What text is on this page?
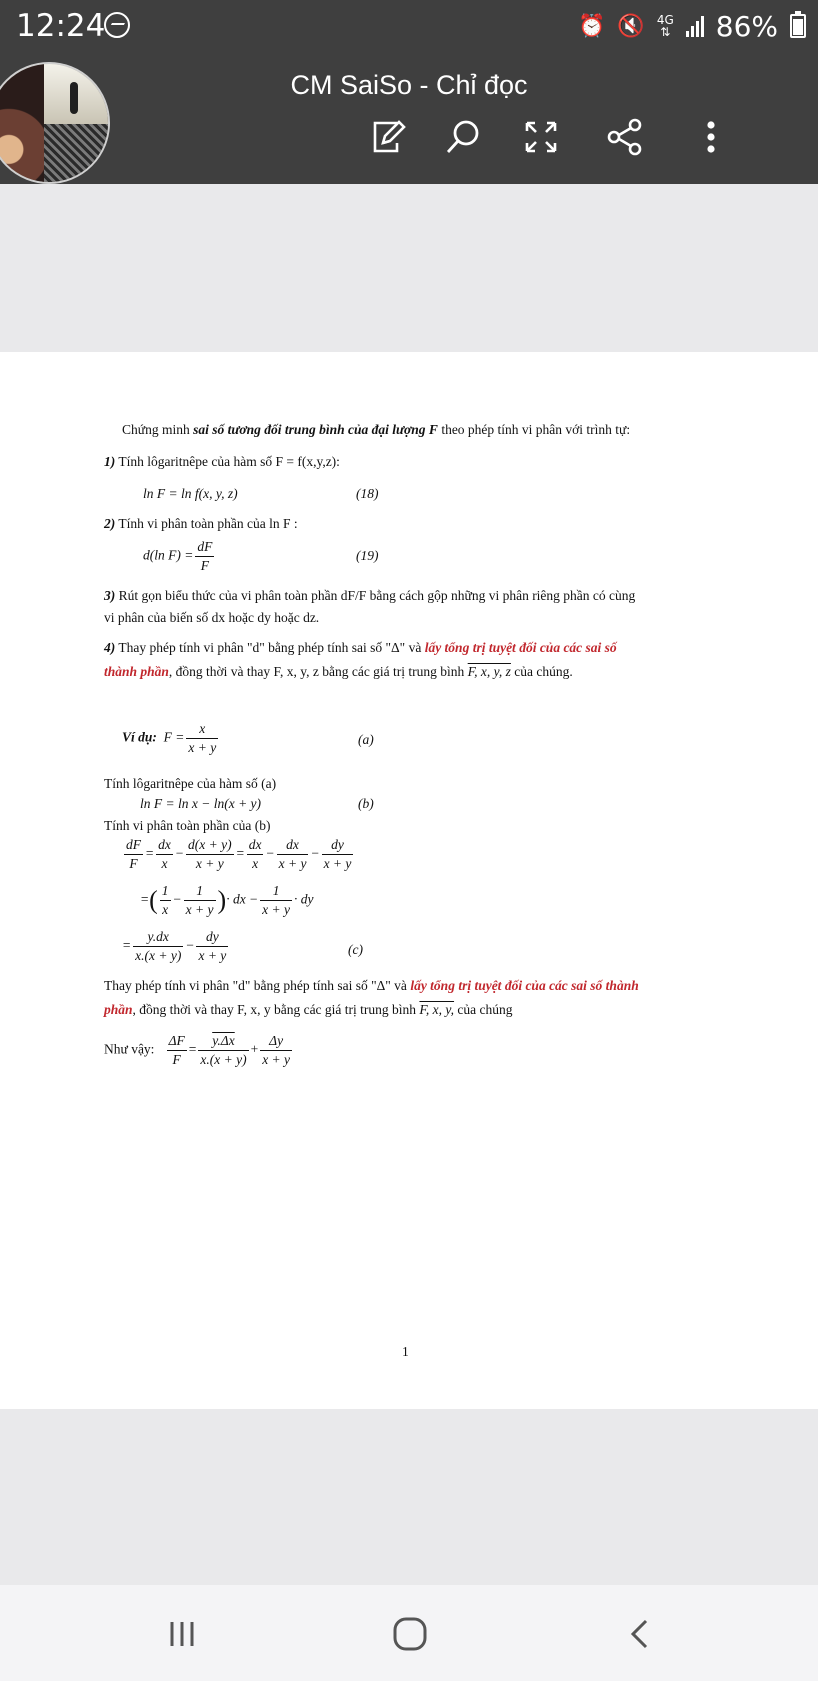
12:24	⏰ 🔇 4G
⇅ 86%
CM SaiSo - Chỉ đọc
Chứng minh sai số tương đối trung bình của đại lượng F theo phép tính vi phân với trình tự:
1) Tính lôgaritnêpe của hàm số F = f(x,y,z):
ln F = ln f(x, y, z)	(18)
2) Tính vi phân toàn phần của ln F :
d(ln $F) = \frac{dF}{F}$	(19)
3) Rút gọn biểu thức của vi phân toàn phần dF/F bằng cách gộp những vi phân riêng phần có cùng
vi phân của biến số dx hoặc dy hoặc dz.
4) Thay phép tính vi phân "d" bằng phép tính sai số "Δ" và lấy tổng trị tuyệt đối của các sai số
thành phần, đồng thời và thay F, x, y, z bằng các giá trị trung bình F, x, y, z của chúng.
Ví dụ: $F = \frac{x}{x + y}$	(a)
Tính lôgaritnêpe của hàm số (a)
ln F = ln x − ln(x + y)	(b)
Tính vi phân toàn phần của (b)
$\frac{dF}{F} = \frac{dx}{x} - \frac{d(x + y)}{x + y} = \frac{dx}{x} - \frac{dx}{x + y} - \frac{dy}{x + y}$
=( $\frac{1}{x} - \frac{1}{x + y}$ )· dx − $\frac{1}{x + y}$ · dy
= $\frac{y.dx}{x.(x + y)} - \frac{dy}{x + y}$	(c)
Thay phép tính vi phân "d" bằng phép tính sai số "Δ" và lấy tổng trị tuyệt đối của các sai số thành
phần, đồng thời và thay F, x, y bằng các giá trị trung bình F, x, y, của chúng
Như vậy: $\frac{\Delta F}{F} = \frac{y.\Delta x}{x.(x + y)} + \frac{\Delta y}{x + y}$
1
